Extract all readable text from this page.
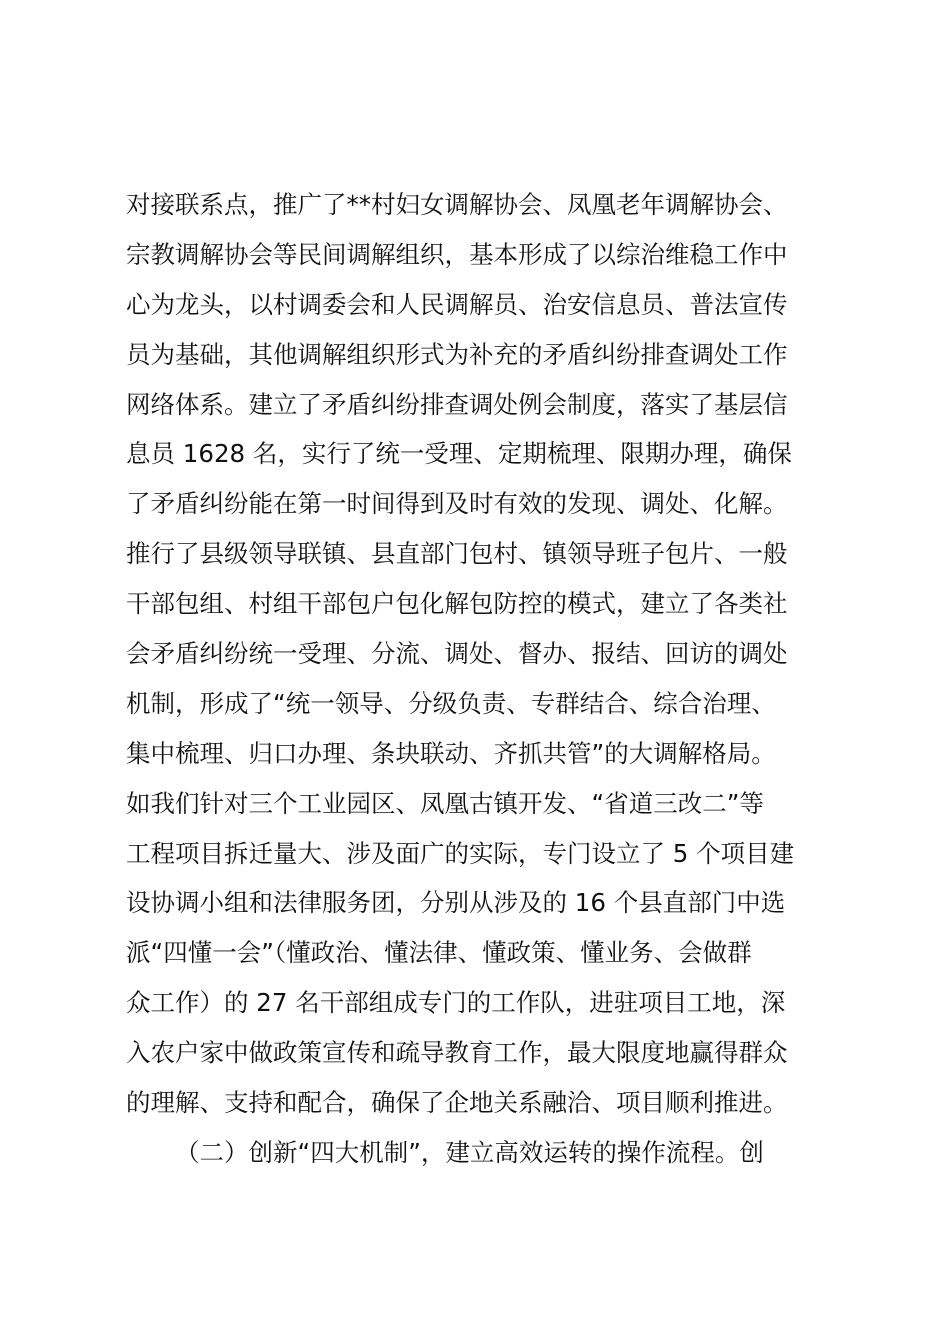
对接联系点，推广了**村妇女调解协会、凤凰老年调解协会、
宗教调解协会等民间调解组织，基本形成了以综治维稳工作中
心为龙头，以村调委会和人民调解员、治安信息员、普法宣传
员为基础，其他调解组织形式为补充的矛盾纠纷排查调处工作
网络体系。建立了矛盾纠纷排查调处例会制度，落实了基层信
息员 1628 名，实行了统一受理、定期梳理、限期办理，确保
了矛盾纠纷能在第一时间得到及时有效的发现、调处、化解。
推行了县级领导联镇、县直部门包村、镇领导班子包片、一般
干部包组、村组干部包户包化解包防控的模式，建立了各类社
会矛盾纠纷统一受理、分流、调处、督办、报结、回访的调处
机制，形成了“统一领导、分级负责、专群结合、综合治理、
集中梳理、归口办理、条块联动、齐抓共管”的大调解格局。
如我们针对三个工业园区、凤凰古镇开发、“省道三改二”等
工程项目拆迁量大、涉及面广的实际，专门设立了 5 个项目建
设协调小组和法律服务团，分别从涉及的 16 个县直部门中选
派“四懂一会”（懂政治、懂法律、懂政策、懂业务、会做群
众工作）的 27 名干部组成专门的工作队，进驻项目工地，深
入农户家中做政策宣传和疏导教育工作，最大限度地赢得群众
的理解、支持和配合，确保了企地关系融洽、项目顺利推进。
（二）创新“四大机制”，建立高效运转的操作流程。创
